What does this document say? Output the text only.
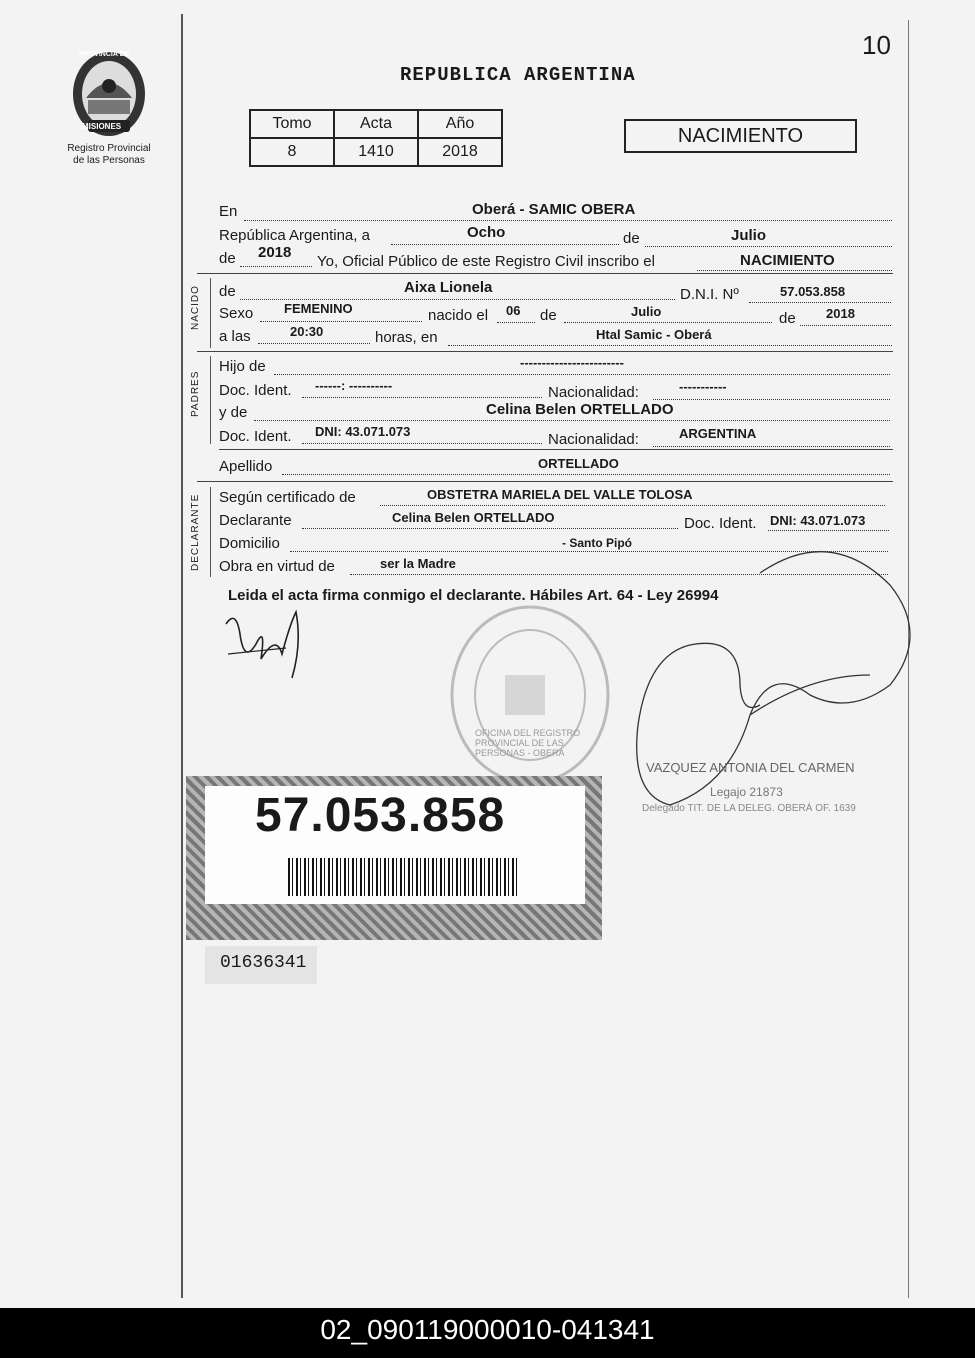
10
PROVINCIA DE
MISIONES
Registro Provincial
de las Personas
REPUBLICA ARGENTINA
Tomo	Acta	Año
8	1410	2018
NACIMIENTO
En	Oberá - SAMIC OBERA
República Argentina, a	Ocho	de	Julio
de 2018
Yo, Oficial Público de este Registro Civil inscribo el	NACIMIENTO
NACIDO de	Aixa Lionela	D.N.I. Nº	57.053.858
Sexo FEMENINO	nacido el 06 de	Julio	de 2018
a las	20:30	horas, en	Htal Samic - Oberá
PADRES
Hijo de	------------------------
Doc. Ident. ------: ----------	Nacionalidad:	-----------
y de	Celina Belen ORTELLADO
Doc. Ident. DNI: 43.071.073	Nacionalidad:	ARGENTINA
Apellido	ORTELLADO
DECLARANTE Según certificado de	OBSTETRA MARIELA DEL VALLE TOLOSA
Declarante	Celina Belen ORTELLADO	Doc. Ident. DNI: 43.071.073
Domicilio	- Santo Pipó
Obra en virtud de	ser la Madre
Leida el acta firma conmigo el declarante. Hábiles Art. 64 - Ley 26994
OFICINA DEL REGISTRO PROVINCIAL DE LAS PERSONAS - OBERA
VAZQUEZ ANTONIA DEL CARMEN
Legajo 21873
Delegado TIT. DE LA DELEG. OBERÁ OF. 1639
57.053.858
01636341
02_090119000010-041341
